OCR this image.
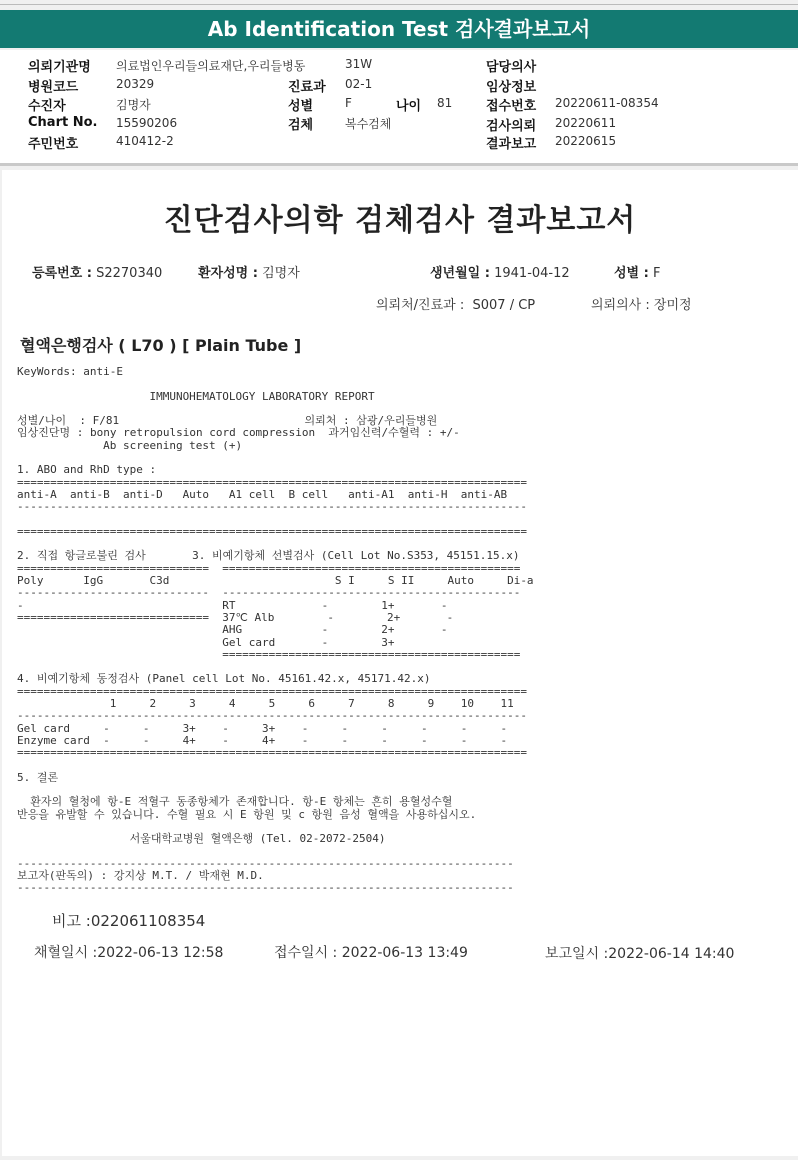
Ab Identification Test 검사결과보고서
의뢰기관명 의료법인우리들의료재단,우리들병동	31W	담당의사
병원코드	20329	진료과 02-1	임상정보
수진자	김명자	성별	F	나이 81	접수번호 20220611-08354
Chart No. 15590206	검체	복수검체	검사의뢰 20220611
주민번호	410412-2	결과보고 20220615
진단검사의학 검체검사 결과보고서
등록번호 : S2270340	환자성명 : 김명자	생년월일 : 1941-04-12	성별 : F
의뢰처/진료과 : S007 / CP	의뢰의사 : 장미정
혈액은행검사 ( L70 ) [ Plain Tube ]
KeyWords: anti-E

IMMUNOHEMATOLOGY LABORATORY REPORT

성별/나이  : F/81                            의뢰처 : 삼광/우리들병원
임상진단명 : bony retropulsion cord compression  과거임신력/수혈력 : +/-
Ab screening test (+)

1. ABO and RhD type :
=============================================================================
anti-A  anti-B  anti-D   Auto   A1 cell  B cell   anti-A1  anti-H  anti-AB
-----------------------------------------------------------------------------

=============================================================================

2. 직접 항글로불린 검사       3. 비예기항체 선별검사 (Cell Lot No.S353, 45151.15.x)
=============================  =============================================
Poly      IgG       C3d                         S I     S II     Auto     Di-a
-----------------------------  ---------------------------------------------
-                              RT             -        1+       -
=============================  37℃ Alb        -        2+       -
AHG            -        2+       -
Gel card       -        3+
=============================================

4. 비예기항체 동정검사 (Panel cell Lot No. 45161.42.x, 45171.42.x)
=============================================================================
1     2     3     4     5     6     7     8     9    10    11
-----------------------------------------------------------------------------
Gel card     -     -     3+    -     3+    -     -     -     -     -     -
Enzyme card  -     -     4+    -     4+    -     -     -     -     -     -
=============================================================================

5. 결론

환자의 혈청에 항-E 적혈구 동종항체가 존재합니다. 항-E 항체는 흔히 용혈성수혈
반응을 유발할 수 있습니다. 수혈 필요 시 E 항원 및 c 항원 음성 혈액을 사용하십시오.

서울대학교병원 혈액은행 (Tel. 02-2072-2504)

---------------------------------------------------------------------------
보고자(판독의) : 강지상 M.T. / 박재현 M.D.
---------------------------------------------------------------------------
비고 :022061108354
채혈일시 :2022-06-13 12:58	접수일시 : 2022-06-13 13:49	보고일시 :2022-06-14 14:40
